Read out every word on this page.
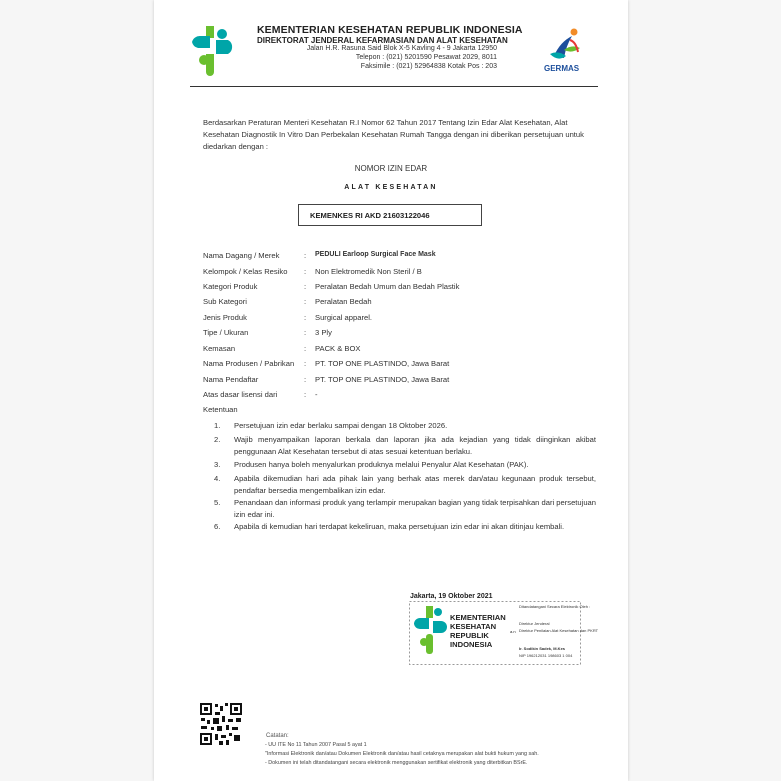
KEMENTERIAN KESEHATAN REPUBLIK INDONESIA
DIREKTORAT JENDERAL KEFARMASIAN DAN ALAT KESEHATAN
Jalan H.R. Rasuna Said Blok X-5 Kavling 4 - 9 Jakarta 12950
Telepon : (021) 5201590 Pesawat 2029, 8011
Faksimile : (021) 52964838 Kotak Pos : 203	GERMAS
Berdasarkan Peraturan Menteri Kesehatan R.I Nomor 62 Tahun 2017 Tentang Izin Edar Alat Kesehatan, Alat Kesehatan Diagnostik In Vitro Dan Perbekalan Kesehatan Rumah Tangga dengan ini diberikan persetujuan untuk diedarkan dengan :
NOMOR IZIN EDAR
ALAT KESEHATAN
KEMENKES RI AKD 21603122046
Nama Dagang / Merek	: PEDULI Earloop Surgical Face Mask
Kelompok / Kelas Resiko : Non Elektromedik Non Steril / B
Kategori Produk	: Peralatan Bedah Umum dan Bedah Plastik
Sub Kategori	: Peralatan Bedah
Jenis Produk	: Surgical apparel.
Tipe / Ukuran	: 3 Ply
Kemasan	: PACK & BOX
Nama Produsen / Pabrikan : PT. TOP ONE PLASTINDO, Jawa Barat
Nama Pendaftar	: PT. TOP ONE PLASTINDO, Jawa Barat
Atas dasar lisensi dari	: -
Ketentuan
1. Persetujuan izin edar berlaku sampai dengan 18 Oktober 2026.
2. Wajib menyampaikan laporan berkala dan laporan jika ada kejadian yang tidak diinginkan akibat penggunaan Alat Kesehatan tersebut di atas sesuai ketentuan berlaku.
3. Produsen hanya boleh menyalurkan produknya melalui Penyalur Alat Kesehatan (PAK).
4. Apabila dikemudian hari ada pihak lain yang berhak atas merek dan/atau kegunaan produk tersebut, pendaftar bersedia mengembalikan izin edar.
5. Penandaan dan informasi produk yang terlampir merupakan bagian yang tidak terpisahkan dari persetujuan izin edar ini.
6. Apabila di kemudian hari terdapat kekeliruan, maka persetujuan izin edar ini akan ditinjau kembali.
Jakarta, 19 Oktober 2021
KEMENTERIAN
KESEHATAN
REPUBLIK
INDONESIA
a.n
Ditandatangani Secara Elektronik Oleh :
Direktur Jenderal
Direktur Penilaian Alat Kesehatan dan PKRT
Ir. Sodikin Sadek, M.Kes
NIP 196212031 198603 1 004
Catatan:
- UU ITE No 11 Tahun 2007 Pasal 5 ayat 1
"Informasi Elektronik dan/atau Dokumen Elektronik dan/atau hasil cetaknya merupakan alat bukti hukum yang sah.
- Dokumen ini telah ditandatangani secara elektronik menggunakan sertifikat elektronik yang diterbitkan BSrE.
